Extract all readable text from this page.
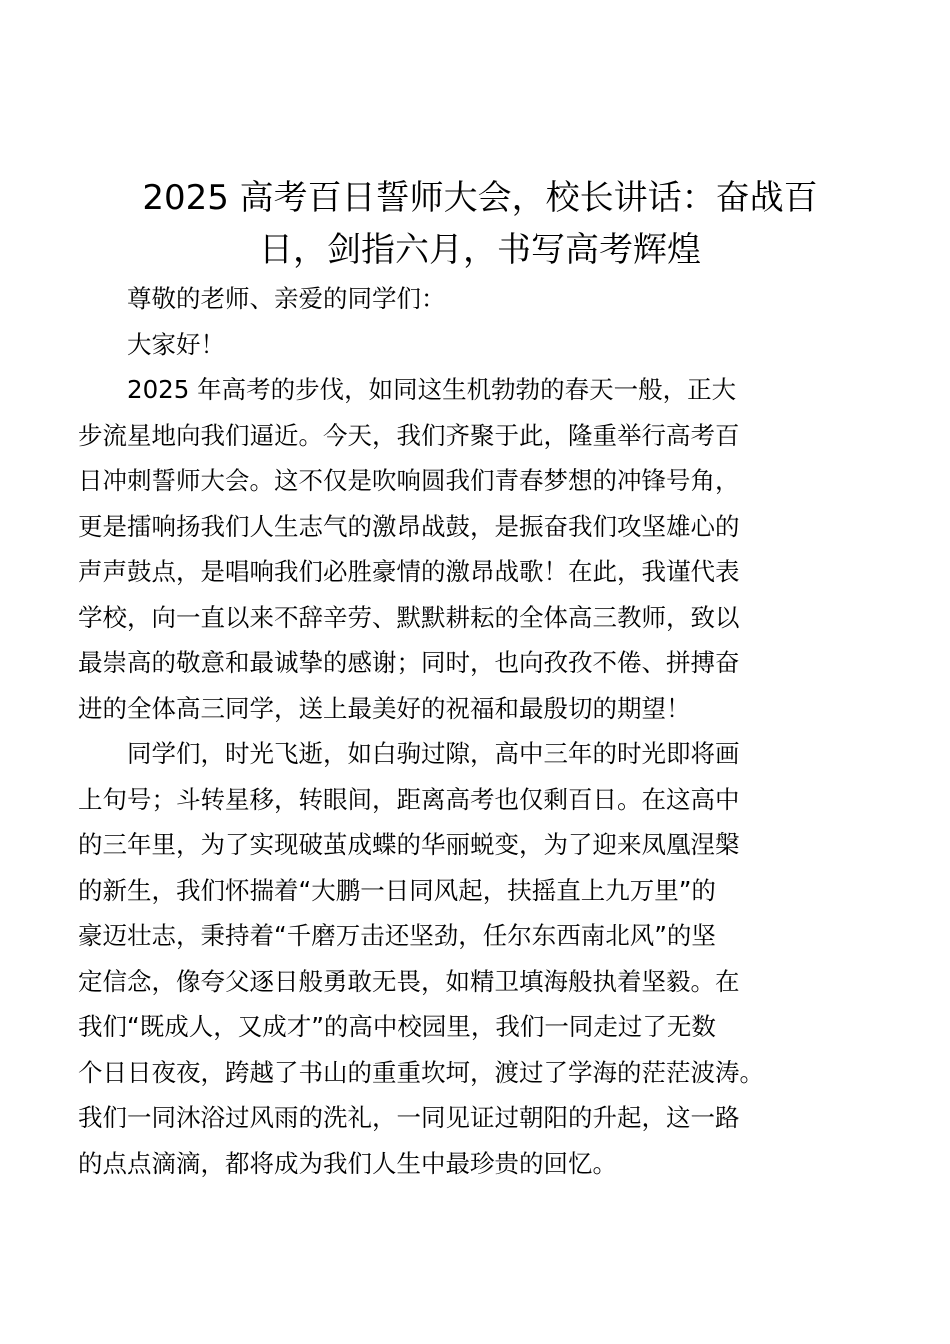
2025 高考百日誓师大会，校长讲话：奋战百
日，剑指六月，书写高考辉煌

尊敬的老师、亲爱的同学们：

大家好！

2025 年高考的步伐，如同这生机勃勃的春天一般，正大
步流星地向我们逼近。今天，我们齐聚于此，隆重举行高考百
日冲刺誓师大会。这不仅是吹响圆我们青春梦想的冲锋号角，
更是擂响扬我们人生志气的激昂战鼓，是振奋我们攻坚雄心的
声声鼓点，是唱响我们必胜豪情的激昂战歌！在此，我谨代表
学校，向一直以来不辞辛劳、默默耕耘的全体高三教师，致以
最崇高的敬意和最诚挚的感谢；同时，也向孜孜不倦、拼搏奋
进的全体高三同学，送上最美好的祝福和最殷切的期望！

同学们，时光飞逝，如白驹过隙，高中三年的时光即将画
上句号；斗转星移，转眼间，距离高考也仅剩百日。在这高中
的三年里，为了实现破茧成蝶的华丽蜕变，为了迎来凤凰涅槃
的新生，我们怀揣着“大鹏一日同风起，扶摇直上九万里”的
豪迈壮志，秉持着“千磨万击还坚劲，任尔东西南北风”的坚
定信念，像夸父逐日般勇敢无畏，如精卫填海般执着坚毅。在
我们“既成人，又成才”的高中校园里，我们一同走过了无数
个日日夜夜，跨越了书山的重重坎坷，渡过了学海的茫茫波涛。
我们一同沐浴过风雨的洗礼，一同见证过朝阳的升起，这一路
的点点滴滴，都将成为我们人生中最珍贵的回忆。
